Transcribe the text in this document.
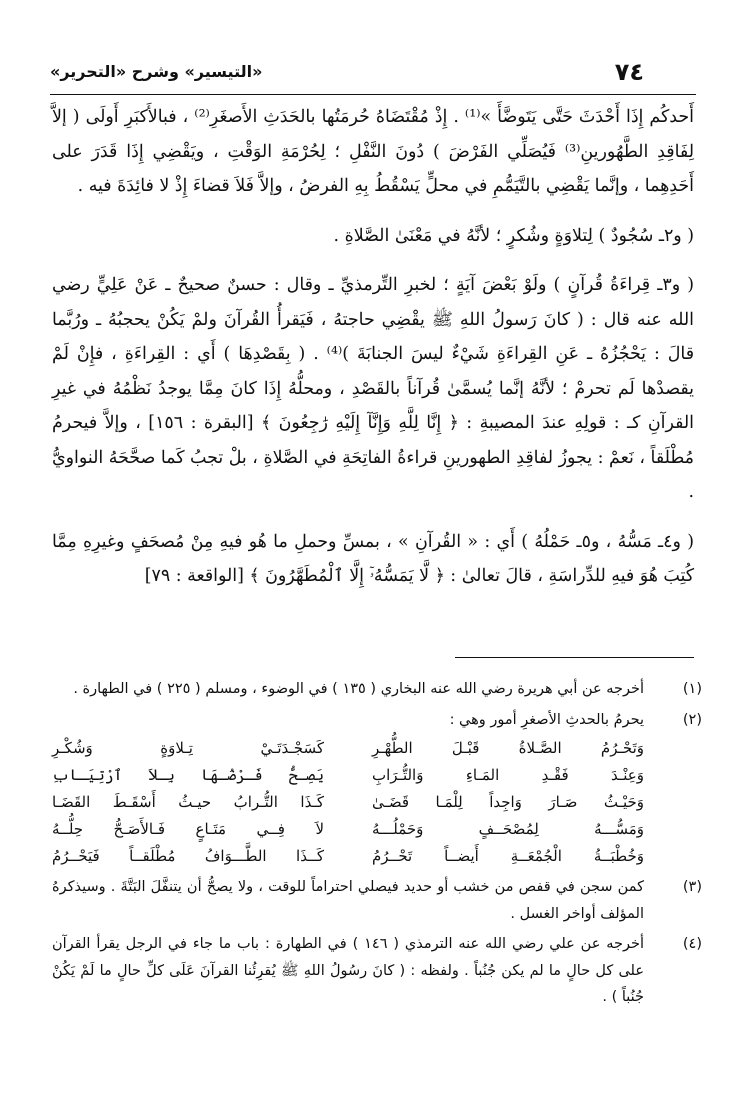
٧٤
«التيسير» وشرح «التحرير»

أَحدكُم إِذَا أَحْدَثَ حَتَّى يَتَوضَّأَ »⁽¹⁾ . إِذْ مُقْتَضَاهُ حُرمَتُها بالحَدَثِ الأَصغَرِ⁽²⁾ ، فبالأَكبَرِ أَولَى ( إلاَّ لِفَاقِدِ الطَّهُورينِ⁽³⁾ فَيُصَلِّي الفَرْضَ ) دُونَ النَّفْلِ ؛ لِحُرْمَةِ الوَقْتِ ، ويَقْضِي إِذَا قَدَرَ على أَحَدِهِما ، وإنَّما يَقْضِي بالتَّيَمُّمِ في محلٍّ يَسْقُطُ بِهِ الفرضُ ، وإلاَّ فَلاَ قضاءَ إِذْ لا فائِدَةَ فيه .

( و٢ـ سُجُودٌ ) لِتلاوَةٍ وشُكرٍ ؛ لأنَّهُ في مَعْنَىٰ الصَّلاةِ .

( و٣ـ قِراءَةُ قُرآنٍ ) ولَوْ بَعْضَ آيَةٍ ؛ لخبرِ التِّرمذيِّ ـ وقال : حسنٌ صحيحٌ ـ عَنْ عَلِيٍّ رضي الله عنه قال : ( كانَ رَسولُ اللهِ ﷺ يقْضِي حاجتهُ ، فَيَقرأُ القُرآنَ ولمْ يَكُنْ يحجبُهُ ـ ورُبَّما قالَ : يَحْجُزُهُ ـ عَنِ القِراءَةِ شَيْءٌ ليسَ الجنابَةَ )⁽⁴⁾ . ( بِقَصْدِهَا ) أَي : القِراءَةِ ، فإِنْ لَمْ يقصدْها لَم تحرمْ ؛ لأنَّهُ إنَّما يُسمَّىٰ قُرآناً بالقَصْدِ ، ومحلُّهُ إِذَا كانَ مِمَّا يوجدُ نَظْمُهُ في غيرِ القرآنِ كـ : قولِهِ عندَ المصيبةِ : ﴿ إِنَّا لِلَّهِ وَإِنَّآ إِلَيْهِ رَٰجِعُونَ ﴾ [البقرة : ١٥٦] ، وإلاَّ فيحرمُ مُطْلَقاً ، نَعمْ : يجوزُ لفاقِدِ الطهورينِ قراءةُ الفاتِحَةِ في الصَّلاةِ ، بلْ تجبُ كَما صحَّحَهُ النواويُّ .

( و٤ـ مَسُّهُ ، و٥ـ حَمْلُهُ ) أَي : « القُرآنِ » ، بمسِّ وحملِ ما هُو فيهِ مِنْ مُصحَفٍ وغيرِهِ مِمَّا كُتِبَ هُوَ فيهِ للدِّراسَةِ ، قالَ تعالىٰ : ﴿ لَّا يَمَسُّهُۥٓ إِلَّا ٱلْمُطَهَّرُونَ ﴾ [الواقعة : ٧٩]

(١)
أخرجه عن أبي هريرة رضي الله عنه البخاري ( ١٣٥ ) في الوضوء ، ومسلم ( ٢٢٥ ) في الطهارة .
(٢)
يحرمُ بالحدثِ الأصغرِ أمور وهي :
وَتَحْـرُمُ الصَّـلاةُ قَبْـلَ الطُّهْـرِ
كَسَجْـدَتَـيْ تِـلاوَةٍ وَشُكْـرِ
وَعِنْـدَ فَقْـدِ المَـاءِ وَالتُّـرَابِ
يَصِـحُّ فَـرْضُـهَا بِـلاَ ٱرْتِيَـابِ
وَحَيْـثُ صَـارَ وَاجِداً لِلْمَـا قَضَـىٰ
كَـذَا التُّـرابُ حيـثُ أَسْقَـطَ القَضَـا
وَمَسُّـــهُ لِمُصْحَــفٍ وَحَمْلُـــهُ
لاَ فِــي مَتَـاعٍ فَـالأَصَـحُّ حِلُّــهُ
وَخُطْبَــةُ الْجُمْعَــةِ أَيضــاً تَحْــرُمُ
كَــذَا الطَّـــوَافُ مُطْلَقــاً فَيَحْــرُمُ
(٣)
كمن سجن في قفص من خشب أو حديد فيصلي احتراماً للوقت ، ولا يصحُّ أن يتنفَّلَ البَتَّةَ . وسيذكرهُ المؤلف أواخر الغسل .
(٤)
أخرجه عن علي رضي الله عنه الترمذي ( ١٤٦ ) في الطهارة : باب ما جاء في الرجل يقرأ القرآن على كل حالٍ ما لم يكن جُنُباً . ولفظه : ( كانَ رسُولُ اللهِ ﷺ يُقرِئُنا القرآنَ عَلَى كلِّ حالٍ ما لَمْ يَكُنْ جُنُباً ) .
